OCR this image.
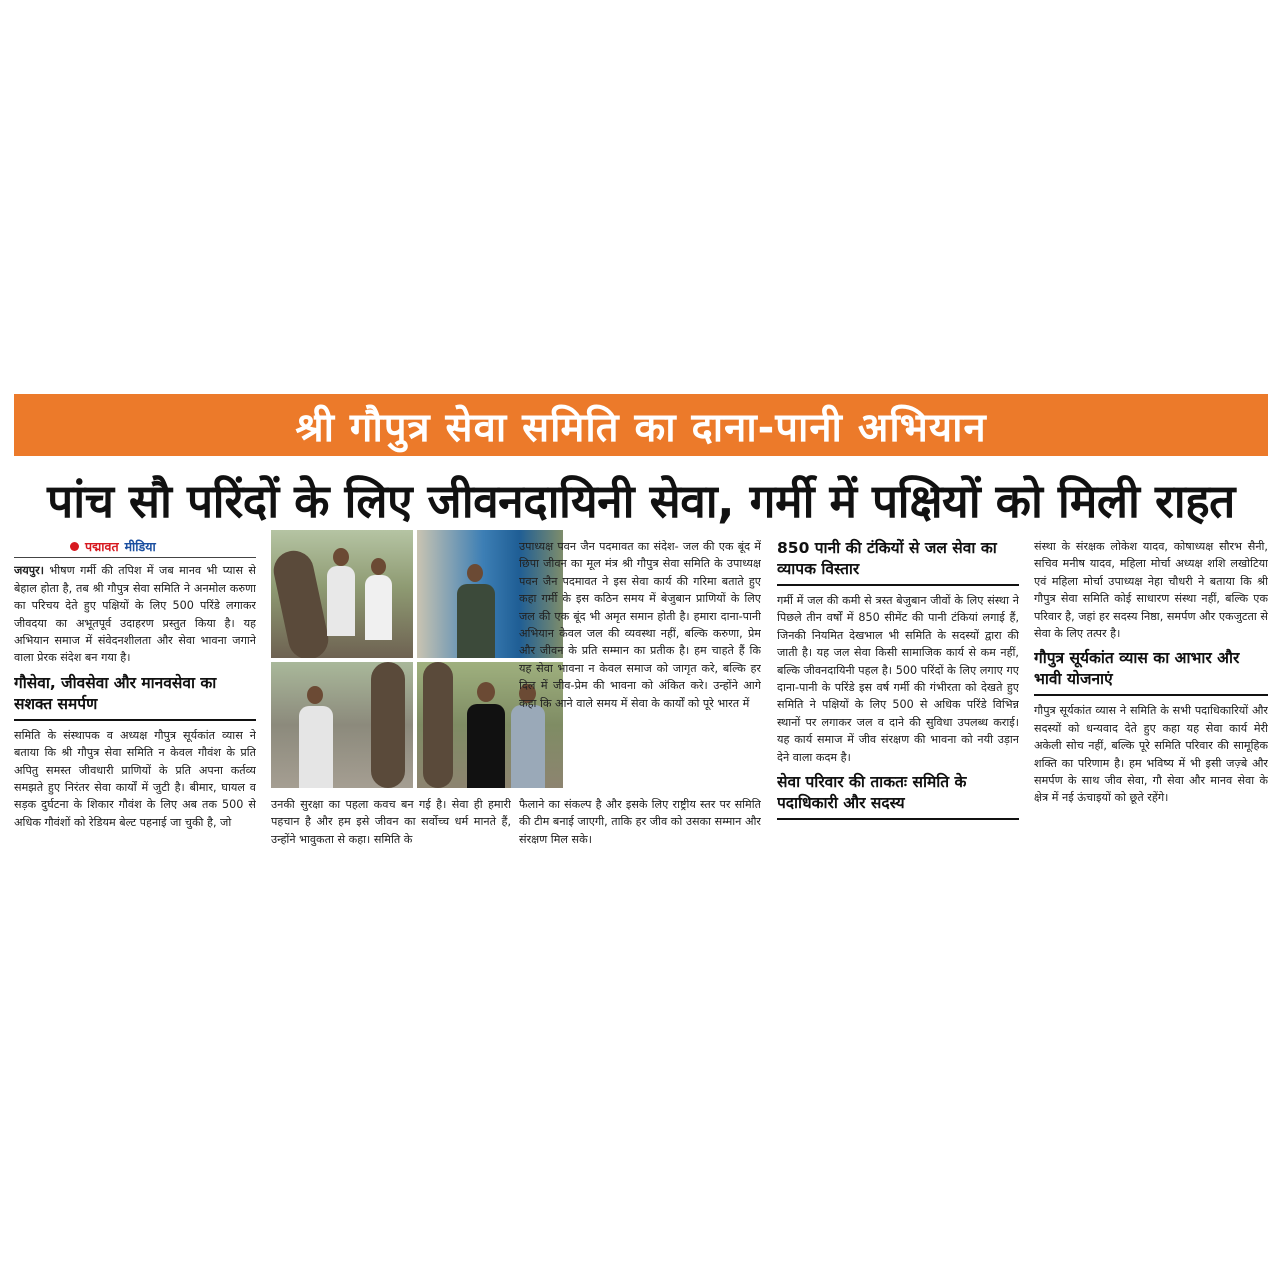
श्री गौपुत्र सेवा समिति का दाना-पानी अभियान
पांच सौ परिंदों के लिए जीवनदायिनी सेवा, गर्मी में पक्षियों को मिली राहत
पद्मावत मीडिया

जयपुर। भीषण गर्मी की तपिश में जब मानव भी प्यास से बेहाल होता है, तब श्री गौपुत्र सेवा समिति ने अनमोल करुणा का परिचय देते हुए पक्षियों के लिए 500 परिंडे लगाकर जीवदया का अभूतपूर्व उदाहरण प्रस्तुत किया है। यह अभियान समाज में संवेदनशीलता और सेवा भावना जगाने वाला प्रेरक संदेश बन गया है।

गौसेवा, जीवसेवा और मानवसेवा का सशक्त समर्पण

समिति के संस्थापक व अध्यक्ष गौपुत्र सूर्यकांत व्यास ने बताया कि श्री गौपुत्र सेवा समिति न केवल गौवंश के प्रति अपितु समस्त जीवधारी प्राणियों के प्रति अपना कर्तव्य समझते हुए निरंतर सेवा कार्यों में जुटी है। बीमार, घायल व सड़क दुर्घटना के शिकार गौवंश के लिए अब तक 500 से अधिक गौवंशों को रेडियम बेल्ट पहनाई जा चुकी है, जो

उनकी सुरक्षा का पहला कवच बन गई है। सेवा ही हमारी पहचान है और हम इसे जीवन का सर्वोच्च धर्म मानते हैं, उन्होंने भावुकता से कहा। समिति के

उपाध्यक्ष पवन जैन पदमावत का संदेश- जल की एक बूंद में छिपा जीवन का मूल मंत्र श्री गौपुत्र सेवा समिति के उपाध्यक्ष पवन जैन पदमावत ने इस सेवा कार्य की गरिमा बताते हुए कहा गर्मी के इस कठिन समय में बेजुबान प्राणियों के लिए जल की एक बूंद भी अमृत समान होती है। हमारा दाना-पानी अभियान केवल जल की व्यवस्था नहीं, बल्कि करुणा, प्रेम और जीवन के प्रति सम्मान का प्रतीक है। हम चाहते हैं कि यह सेवा भावना न केवल समाज को जागृत करे, बल्कि हर दिल में जीव-प्रेम की भावना को अंकित करे। उन्होंने आगे कहा कि आने वाले समय में सेवा के कार्यों को पूरे भारत में

फैलाने का संकल्प है और इसके लिए राष्ट्रीय स्तर पर समिति की टीम बनाई जाएगी, ताकि हर जीव को उसका सम्मान और संरक्षण मिल सके।

850 पानी की टंकियों से जल सेवा का व्यापक विस्तार

गर्मी में जल की कमी से त्रस्त बेजुबान जीवों के लिए संस्था ने पिछले तीन वर्षों में 850 सीमेंट की पानी टंकियां लगाई हैं, जिनकी नियमित देखभाल भी समिति के सदस्यों द्वारा की जाती है। यह जल सेवा किसी सामाजिक कार्य से कम नहीं, बल्कि जीवनदायिनी पहल है। 500 परिंदों के लिए लगाए गए दाना-पानी के परिंडे इस वर्ष गर्मी की गंभीरता को देखते हुए समिति ने पक्षियों के लिए 500 से अधिक परिंडे विभिन्न स्थानों पर लगाकर जल व दाने की सुविधा उपलब्ध कराई। यह कार्य समाज में जीव संरक्षण की भावना को नयी उड़ान देने वाला कदम है।

सेवा परिवार की ताकतः समिति के पदाधिकारी और सदस्य

संस्था के संरक्षक लोकेश यादव, कोषाध्यक्ष सौरभ सैनी, सचिव मनीष यादव, महिला मोर्चा अध्यक्ष शशि लखोटिया एवं महिला मोर्चा उपाध्यक्ष नेहा चौधरी ने बताया कि श्री गौपुत्र सेवा समिति कोई साधारण संस्था नहीं, बल्कि एक परिवार है, जहां हर सदस्य निष्ठा, समर्पण और एकजुटता से सेवा के लिए तत्पर है।

गौपुत्र सूर्यकांत व्यास का आभार और भावी योजनाएं

गौपुत्र सूर्यकांत व्यास ने समिति के सभी पदाधिकारियों और सदस्यों को धन्यवाद देते हुए कहा यह सेवा कार्य मेरी अकेली सोच नहीं, बल्कि पूरे समिति परिवार की सामूहिक शक्ति का परिणाम है। हम भविष्य में भी इसी जज़्बे और समर्पण के साथ जीव सेवा, गौ सेवा और मानव सेवा के क्षेत्र में नई ऊंचाइयों को छूते रहेंगे।
